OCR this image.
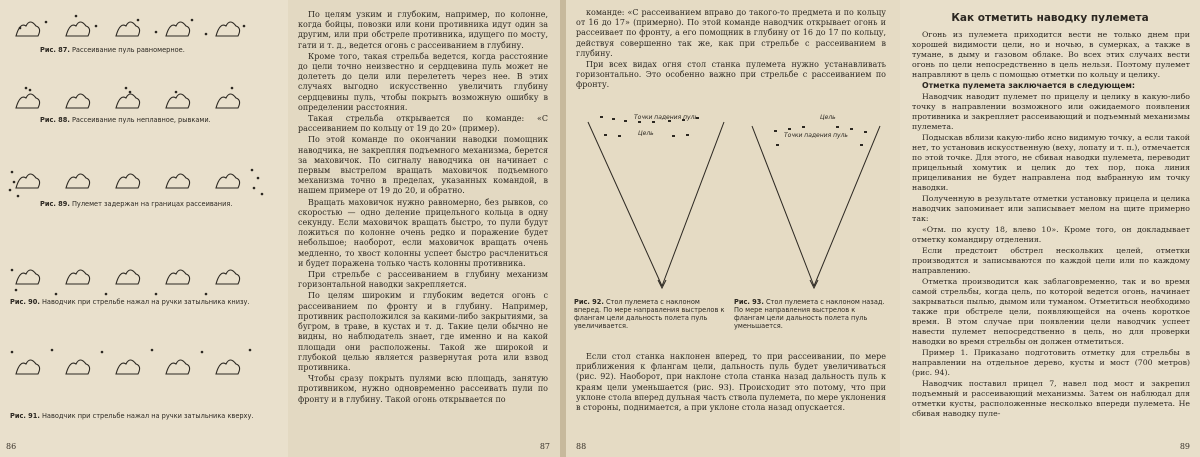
Рис. 87. Рассеивание пуль равномерное.
Рис. 88. Рассеивание пуль неплавное, рывками.
Рис. 89. Пулемет задержан на границах рассеивания.
Рис. 90. Наводчик при стрельбе нажал на ручки затыльника книзу.
Рис. 91. Наводчик при стрельбе нажал на ручки затыльника кверху.
86

По целям узким и глубоким, например, по колонне, когда бойцы, повозки или кони противника идут один за другим, или при обстреле противника, идущего по мосту, гати и т. д., ведется огонь с рассеиванием в глубину.

Кроме того, такая стрельба ведется, когда расстояние до цели точно неизвестно и сердцевина пуль может не долететь до цели или перелететь через нее. В этих случаях выгодно искусственно увеличить глубину сердцевины пуль, чтобы покрыть возможную ошибку в определении расстояния.

Такая стрельба открывается по команде: «С рассеиванием по кольцу от 19 до 20» (пример).

По этой команде по окончании наводки помощник наводчика, не закрепляя подъемного механизма, берется за маховичок. По сигналу наводчика он начинает с первым выстрелом вращать маховичок подъемного механизма точно в пределах, указанных командой, в нашем примере от 19 до 20, и обратно.

Вращать маховичок нужно равномерно, без рывков, со скоростью — одно деление прицельного кольца в одну секунду. Если маховичок вращать быстро, то пули будут ложиться по колонне очень редко и поражение будет небольшое; наоборот, если маховичок вращать очень медленно, то хвост колонны успеет быстро расчлениться и будет поражена только часть колонны противника.

При стрельбе с рассеиванием в глубину механизм горизонтальной наводки закрепляется.

По целям широким и глубоким ведется огонь с рассеиванием по фронту и в глубину. Например, противник расположился за какими-либо закрытиями, за бугром, в траве, в кустах и т. д. Такие цели обычно не видны, но наблюдатель знает, где именно и на какой площади они расположены. Такой же широкой и глубокой целью является развернутая рота или взвод противника.

Чтобы сразу покрыть пулями всю площадь, занятую противником, нужно одновременно рассеивать пули по фронту и в глубину. Такой огонь открывается по

87

команде: «С рассеиванием вправо до такого-то предмета и по кольцу от 16 до 17» (примерно). По этой команде наводчик открывает огонь и рассеивает по фронту, а его помощник в глубину от 16 до 17 по кольцу, действуя совершенно так же, как при стрельбе с рассеиванием в глубину.

При всех видах огня стол станка пулемета нужно устанавливать горизонтально. Это особенно важно при стрельбе с рассеиванием по фронту.

Точки падения пуль
Цель
Цель
Точки падения пуль
Рис. 92. Стол пулемета с наклоном вперед. По мере направления выстрелов к флангам цели дальность полета пуль увеличивается.
Рис. 93. Стол пулемета с наклоном назад. По мере направления выстрелов к флангам цели дальность полета пуль уменьшается.

Если стол станка наклонен вперед, то при рассеивании, по мере приближения к флангам цели, дальность пуль будет увеличиваться (рис. 92). Наоборот, при наклоне стола станка назад дальность пуль к краям цели уменьшается (рис. 93). Происходит это потому, что при уклоне стола вперед дульная часть ствола пулемета, по мере уклонения в стороны, поднимается, а при уклоне стола назад опускается.

88
Как отметить наводку пулемета

Огонь из пулемета приходится вести не только днем при хорошей видимости цели, но и ночью, в сумерках, а также в тумане, в дыму и газовом облаке. Во всех этих случаях вести огонь по цели непосредственно в цель нельзя. Поэтому пулемет направляют в цель с помощью отметки по кольцу и целику.

Отметка пулемета заключается в следующем:

Наводчик наводит пулемет по прицелу и целику в какую-либо точку в направлении возможного или ожидаемого появления противника и закрепляет рассеивающий и подъемный механизмы пулемета.

Подыскав вблизи какую-либо ясно видимую точку, а если такой нет, то установив искусственную (веху, лопату и т. п.), отмечается по этой точке. Для этого, не сбивая наводки пулемета, переводит прицельный хомутик и целик до тех пор, пока линия прицеливания не будет направлена под выбранную им точку наводки.

Полученную в результате отметки установку прицела и целика наводчик запоминает или записывает мелом на щите примерно так:

«Отм. по кусту 18, влево 10». Кроме того, он докладывает отметку командиру отделения.

Если предстоит обстрел нескольких целей, отметки производятся и записываются по каждой цели или по каждому направлению.

Отметка производится как заблаговременно, так и во время самой стрельбы, когда цель, по которой ведется огонь, начинает закрываться пылью, дымом или туманом. Отметиться необходимо также при обстреле цели, появляющейся на очень короткое время. В этом случае при появлении цели наводчик успеет навести пулемет непосредственно в цель, но для проверки наводки во время стрельбы он должен отметиться.

Пример 1. Приказано подготовить отметку для стрельбы в направлении на отдельное дерево, кусты и мост (700 метров) (рис. 94).

Наводчик поставил прицел 7, навел под мост и закрепил подъемный и рассеивающий механизмы. Затем он наблюдал для отметки кусты, расположенные несколько впереди пулемета. Не сбивая наводку пуле-

89
